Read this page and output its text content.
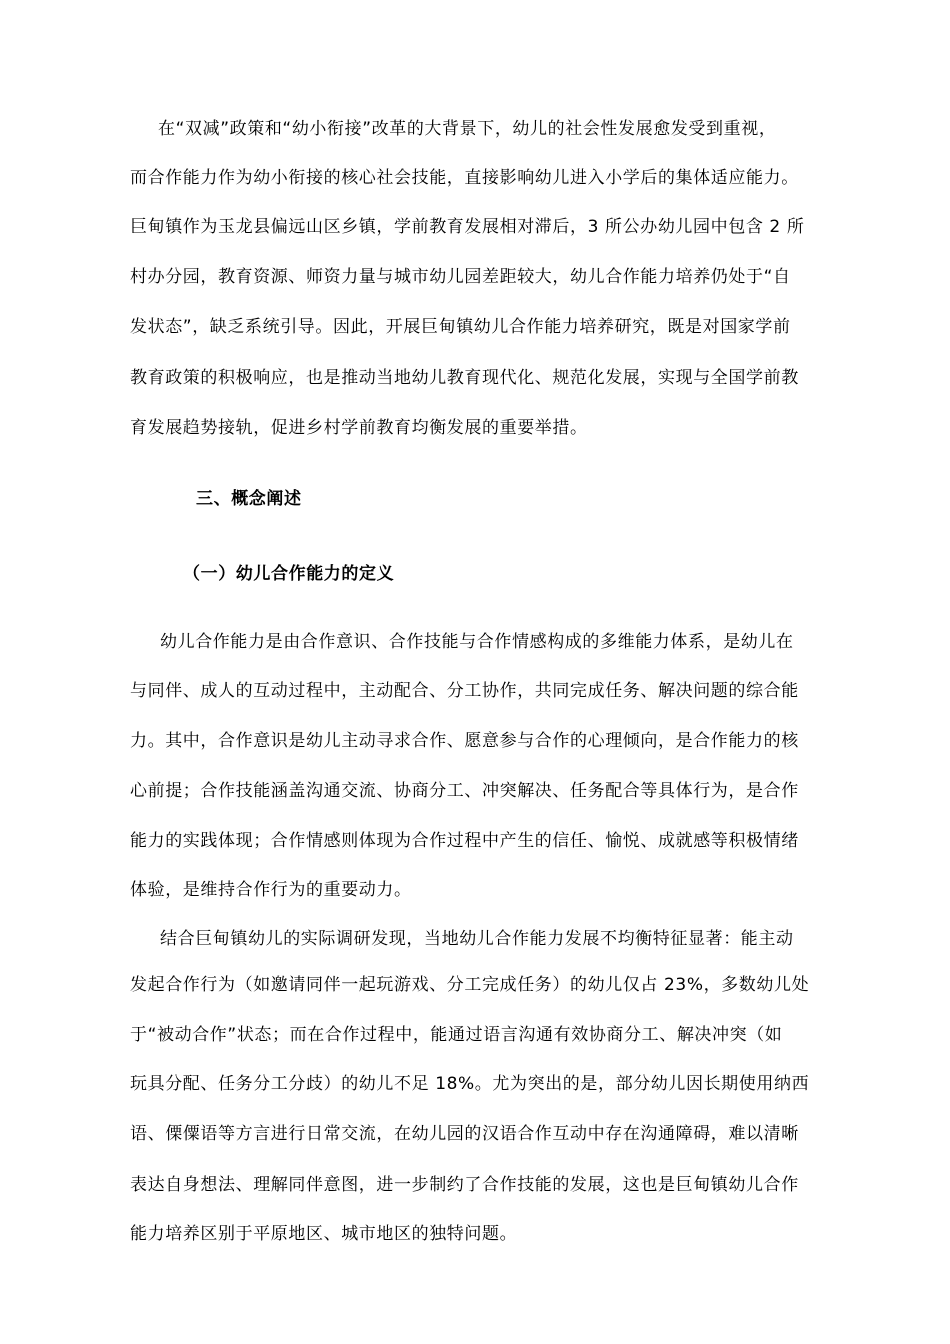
在“双减”政策和“幼小衔接”改革的大背景下，幼儿的社会性发展愈发受到重视，
而合作能力作为幼小衔接的核心社会技能，直接影响幼儿进入小学后的集体适应能力。
巨甸镇作为玉龙县偏远山区乡镇，学前教育发展相对滞后，3 所公办幼儿园中包含 2 所
村办分园，教育资源、师资力量与城市幼儿园差距较大，幼儿合作能力培养仍处于“自
发状态”，缺乏系统引导。因此，开展巨甸镇幼儿合作能力培养研究，既是对国家学前
教育政策的积极响应，也是推动当地幼儿教育现代化、规范化发展，实现与全国学前教
育发展趋势接轨，促进乡村学前教育均衡发展的重要举措。
三、概念阐述
（一）幼儿合作能力的定义
幼儿合作能力是由合作意识、合作技能与合作情感构成的多维能力体系，是幼儿在
与同伴、成人的互动过程中，主动配合、分工协作，共同完成任务、解决问题的综合能
力。其中，合作意识是幼儿主动寻求合作、愿意参与合作的心理倾向，是合作能力的核
心前提；合作技能涵盖沟通交流、协商分工、冲突解决、任务配合等具体行为，是合作
能力的实践体现；合作情感则体现为合作过程中产生的信任、愉悦、成就感等积极情绪
体验，是维持合作行为的重要动力。
结合巨甸镇幼儿的实际调研发现，当地幼儿合作能力发展不均衡特征显著：能主动
发起合作行为（如邀请同伴一起玩游戏、分工完成任务）的幼儿仅占 23%，多数幼儿处
于“被动合作”状态；而在合作过程中，能通过语言沟通有效协商分工、解决冲突（如
玩具分配、任务分工分歧）的幼儿不足 18%。尤为突出的是，部分幼儿因长期使用纳西
语、傈僳语等方言进行日常交流，在幼儿园的汉语合作互动中存在沟通障碍，难以清晰
表达自身想法、理解同伴意图，进一步制约了合作技能的发展，这也是巨甸镇幼儿合作
能力培养区别于平原地区、城市地区的独特问题。
